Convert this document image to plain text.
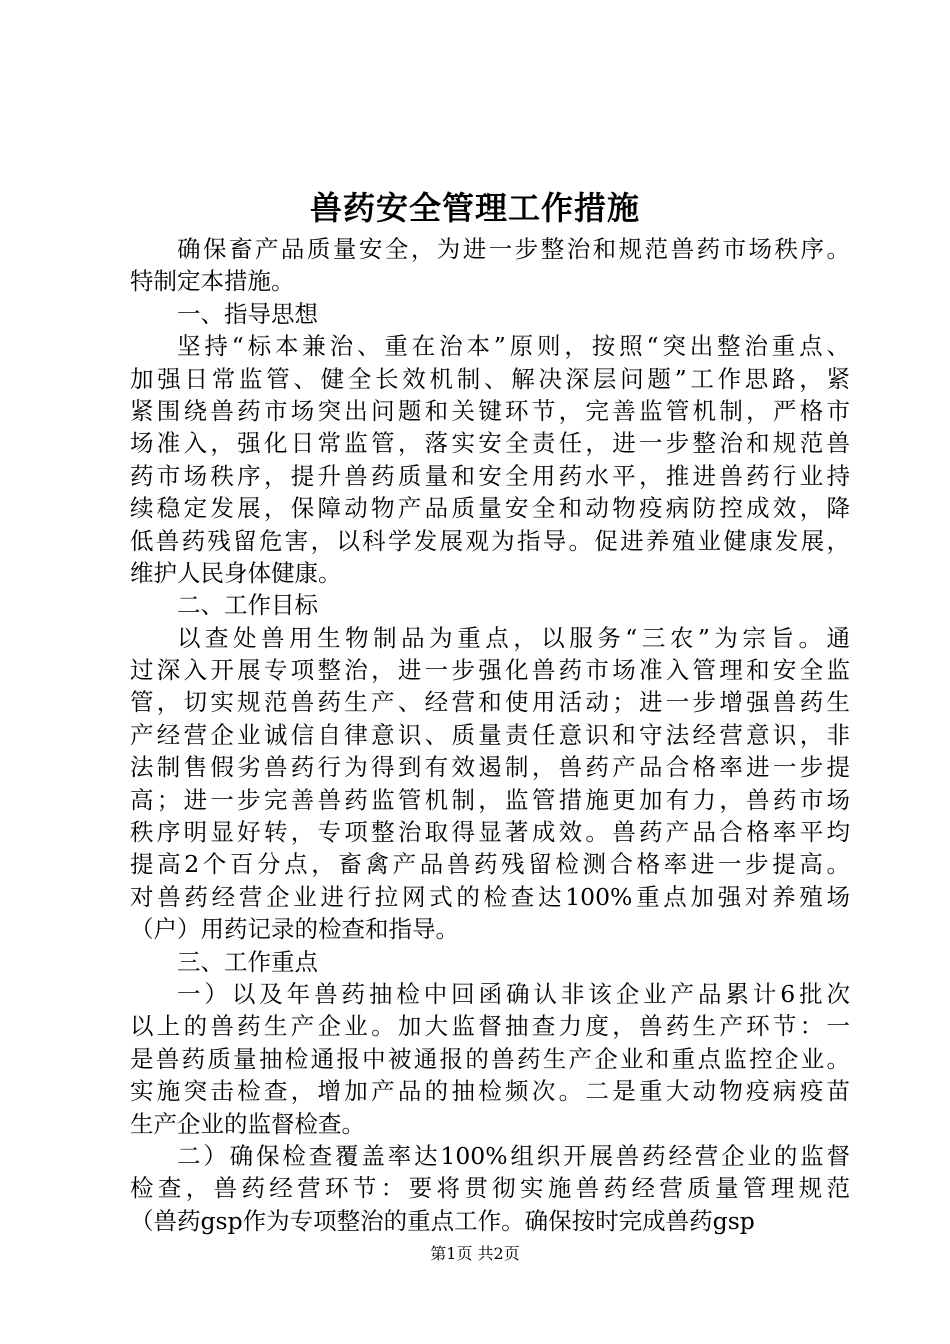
兽药安全管理工作措施
确保畜产品质量安全，为进一步整治和规范兽药市场秩序。
特制定本措施。
一、指导思想
坚持“标本兼治、重在治本”原则，按照“突出整治重点、
加强日常监管、健全长效机制、解决深层问题”工作思路，紧
紧围绕兽药市场突出问题和关键环节，完善监管机制，严格市
场准入，强化日常监管，落实安全责任，进一步整治和规范兽
药市场秩序，提升兽药质量和安全用药水平，推进兽药行业持
续稳定发展，保障动物产品质量安全和动物疫病防控成效，降
低兽药残留危害，以科学发展观为指导。促进养殖业健康发展，
维护人民身体健康。
二、工作目标
以查处兽用生物制品为重点，以服务“三农”为宗旨。通
过深入开展专项整治，进一步强化兽药市场准入管理和安全监
管，切实规范兽药生产、经营和使用活动；进一步增强兽药生
产经营企业诚信自律意识、质量责任意识和守法经营意识，非
法制售假劣兽药行为得到有效遏制，兽药产品合格率进一步提
高；进一步完善兽药监管机制，监管措施更加有力，兽药市场
秩序明显好转，专项整治取得显著成效。兽药产品合格率平均
提高2个百分点，畜禽产品兽药残留检测合格率进一步提高。
对兽药经营企业进行拉网式的检查达100%重点加强对养殖场
（户）用药记录的检查和指导。
三、工作重点
一）以及年兽药抽检中回函确认非该企业产品累计6批次
以上的兽药生产企业。加大监督抽查力度，兽药生产环节：一
是兽药质量抽检通报中被通报的兽药生产企业和重点监控企业。
实施突击检查，增加产品的抽检频次。二是重大动物疫病疫苗
生产企业的监督检查。
二）确保检查覆盖率达100%组织开展兽药经营企业的监督
检查，兽药经营环节：要将贯彻实施兽药经营质量管理规范
（兽药gsp作为专项整治的重点工作。确保按时完成兽药gsp
第1页 共2页
